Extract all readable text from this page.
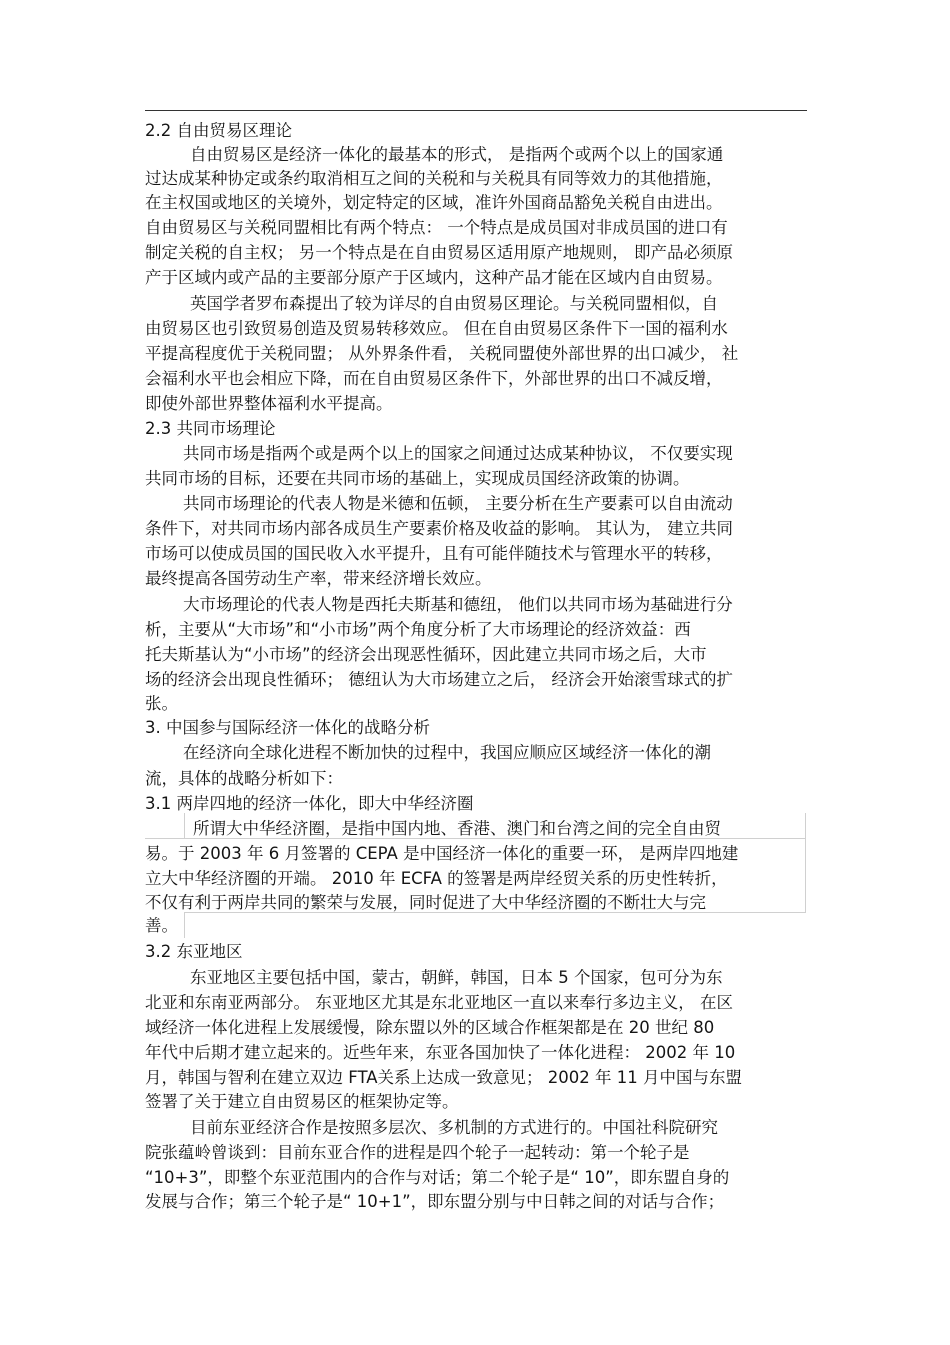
2.2 自由贸易区理论

自由贸易区是经济一体化的最基本的形式， 是指两个或两个以上的国家通

过达成某种协定或条约取消相互之间的关税和与关税具有同等效力的其他措施，

在主权国或地区的关境外，划定特定的区域，准许外国商品豁免关税自由进出。

自由贸易区与关税同盟相比有两个特点： 一个特点是成员国对非成员国的进口有

制定关税的自主权； 另一个特点是在自由贸易区适用原产地规则， 即产品必须原

产于区域内或产品的主要部分原产于区域内，这种产品才能在区域内自由贸易。

英国学者罗布森提出了较为详尽的自由贸易区理论。与关税同盟相似，自

由贸易区也引致贸易创造及贸易转移效应。 但在自由贸易区条件下一国的福利水

平提高程度优于关税同盟； 从外界条件看， 关税同盟使外部世界的出口减少， 社

会福利水平也会相应下降，而在自由贸易区条件下，外部世界的出口不减反增，

即使外部世界整体福利水平提高。

2.3 共同市场理论

共同市场是指两个或是两个以上的国家之间通过达成某种协议， 不仅要实现

共同市场的目标，还要在共同市场的基础上，实现成员国经济政策的协调。

共同市场理论的代表人物是米德和伍顿， 主要分析在生产要素可以自由流动

条件下，对共同市场内部各成员生产要素价格及收益的影响。 其认为， 建立共同

市场可以使成员国的国民收入水平提升，且有可能伴随技术与管理水平的转移，

最终提高各国劳动生产率，带来经济增长效应。

大市场理论的代表人物是西托夫斯基和德纽， 他们以共同市场为基础进行分

析，主要从“大市场”和“小市场”两个角度分析了大市场理论的经济效益：西

托夫斯基认为“小市场”的经济会出现恶性循环，因此建立共同市场之后，大市

场的经济会出现良性循环； 德纽认为大市场建立之后， 经济会开始滚雪球式的扩

张。

3. 中国参与国际经济一体化的战略分析

在经济向全球化进程不断加快的过程中，我国应顺应区域经济一体化的潮

流，具体的战略分析如下：

3.1 两岸四地的经济一体化，即大中华经济圈

所谓大中华经济圈，是指中国内地、香港、澳门和台湾之间的完全自由贸

易。于 2003 年 6 月签署的 CEPA 是中国经济一体化的重要一环， 是两岸四地建

立大中华经济圈的开端。 2010 年 ECFA 的签署是两岸经贸关系的历史性转折，

不仅有利于两岸共同的繁荣与发展，同时促进了大中华经济圈的不断壮大与完

善。

3.2 东亚地区

东亚地区主要包括中国，蒙古，朝鲜，韩国，日本 5 个国家，包可分为东

北亚和东南亚两部分。 东亚地区尤其是东北亚地区一直以来奉行多边主义， 在区

域经济一体化进程上发展缓慢，除东盟以外的区域合作框架都是在 20 世纪 80

年代中后期才建立起来的。近些年来，东亚各国加快了一体化进程： 2002 年 10

月，韩国与智利在建立双边 FTA关系上达成一致意见； 2002 年 11 月中国与东盟

签署了关于建立自由贸易区的框架协定等。

目前东亚经济合作是按照多层次、多机制的方式进行的。中国社科院研究

院张蕴岭曾谈到：目前东亚合作的进程是四个轮子一起转动：第一个轮子是

“10+3”，即整个东亚范围内的合作与对话；第二个轮子是“ 10”，即东盟自身的

发展与合作；第三个轮子是“ 10+1”，即东盟分别与中日韩之间的对话与合作；
